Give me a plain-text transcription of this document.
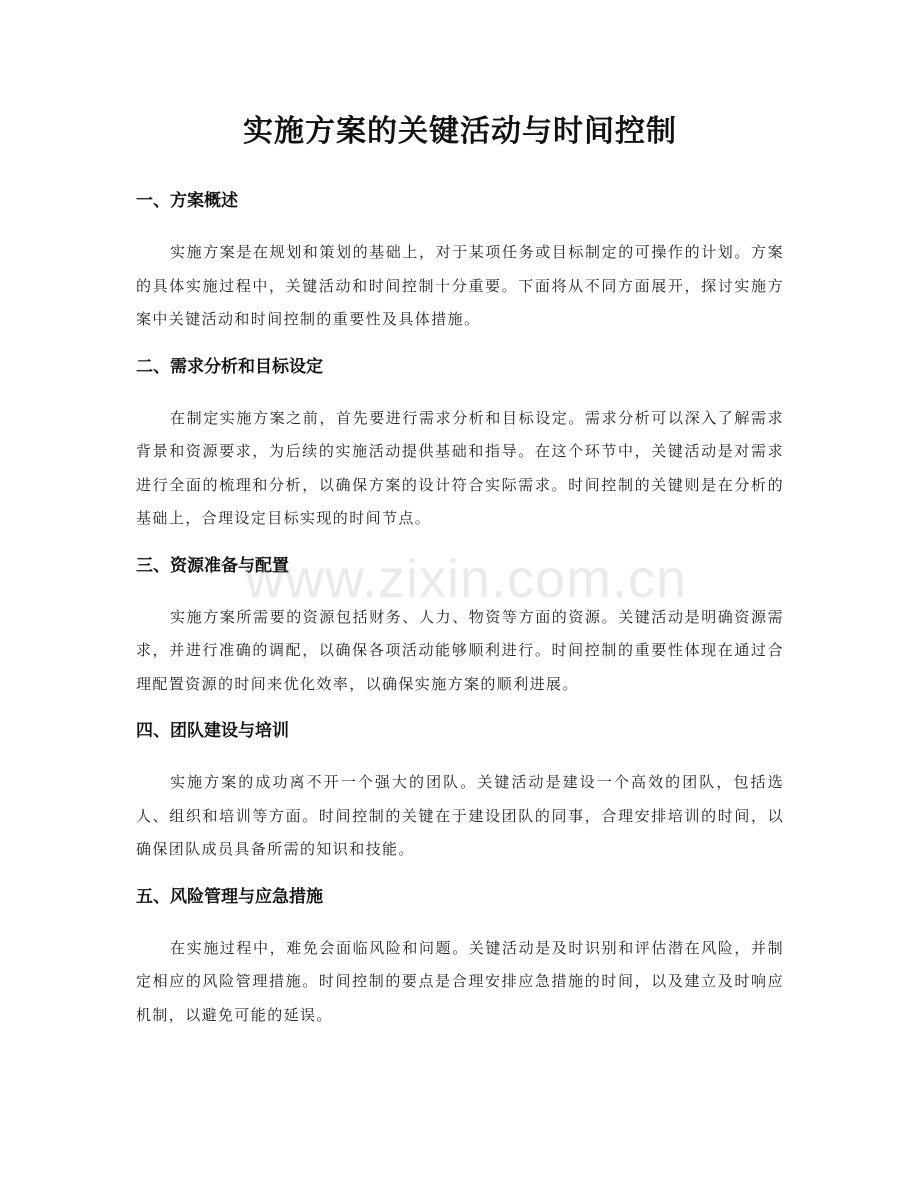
实施方案的关键活动与时间控制
一、方案概述

实施方案是在规划和策划的基础上，对于某项任务或目标制定的可操作的计划。方案的具体实施过程中，关键活动和时间控制十分重要。下面将从不同方面展开，探讨实施方案中关键活动和时间控制的重要性及具体措施。

二、需求分析和目标设定

在制定实施方案之前，首先要进行需求分析和目标设定。需求分析可以深入了解需求背景和资源要求，为后续的实施活动提供基础和指导。在这个环节中，关键活动是对需求进行全面的梳理和分析，以确保方案的设计符合实际需求。时间控制的关键则是在分析的基础上，合理设定目标实现的时间节点。

三、资源准备与配置

实施方案所需要的资源包括财务、人力、物资等方面的资源。关键活动是明确资源需求，并进行准确的调配，以确保各项活动能够顺利进行。时间控制的重要性体现在通过合理配置资源的时间来优化效率，以确保实施方案的顺利进展。

四、团队建设与培训

实施方案的成功离不开一个强大的团队。关键活动是建设一个高效的团队，包括选人、组织和培训等方面。时间控制的关键在于建设团队的同事，合理安排培训的时间，以确保团队成员具备所需的知识和技能。

五、风险管理与应急措施

在实施过程中，难免会面临风险和问题。关键活动是及时识别和评估潜在风险，并制定相应的风险管理措施。时间控制的要点是合理安排应急措施的时间，以及建立及时响应机制，以避免可能的延误。

www.zixin.com.cn
